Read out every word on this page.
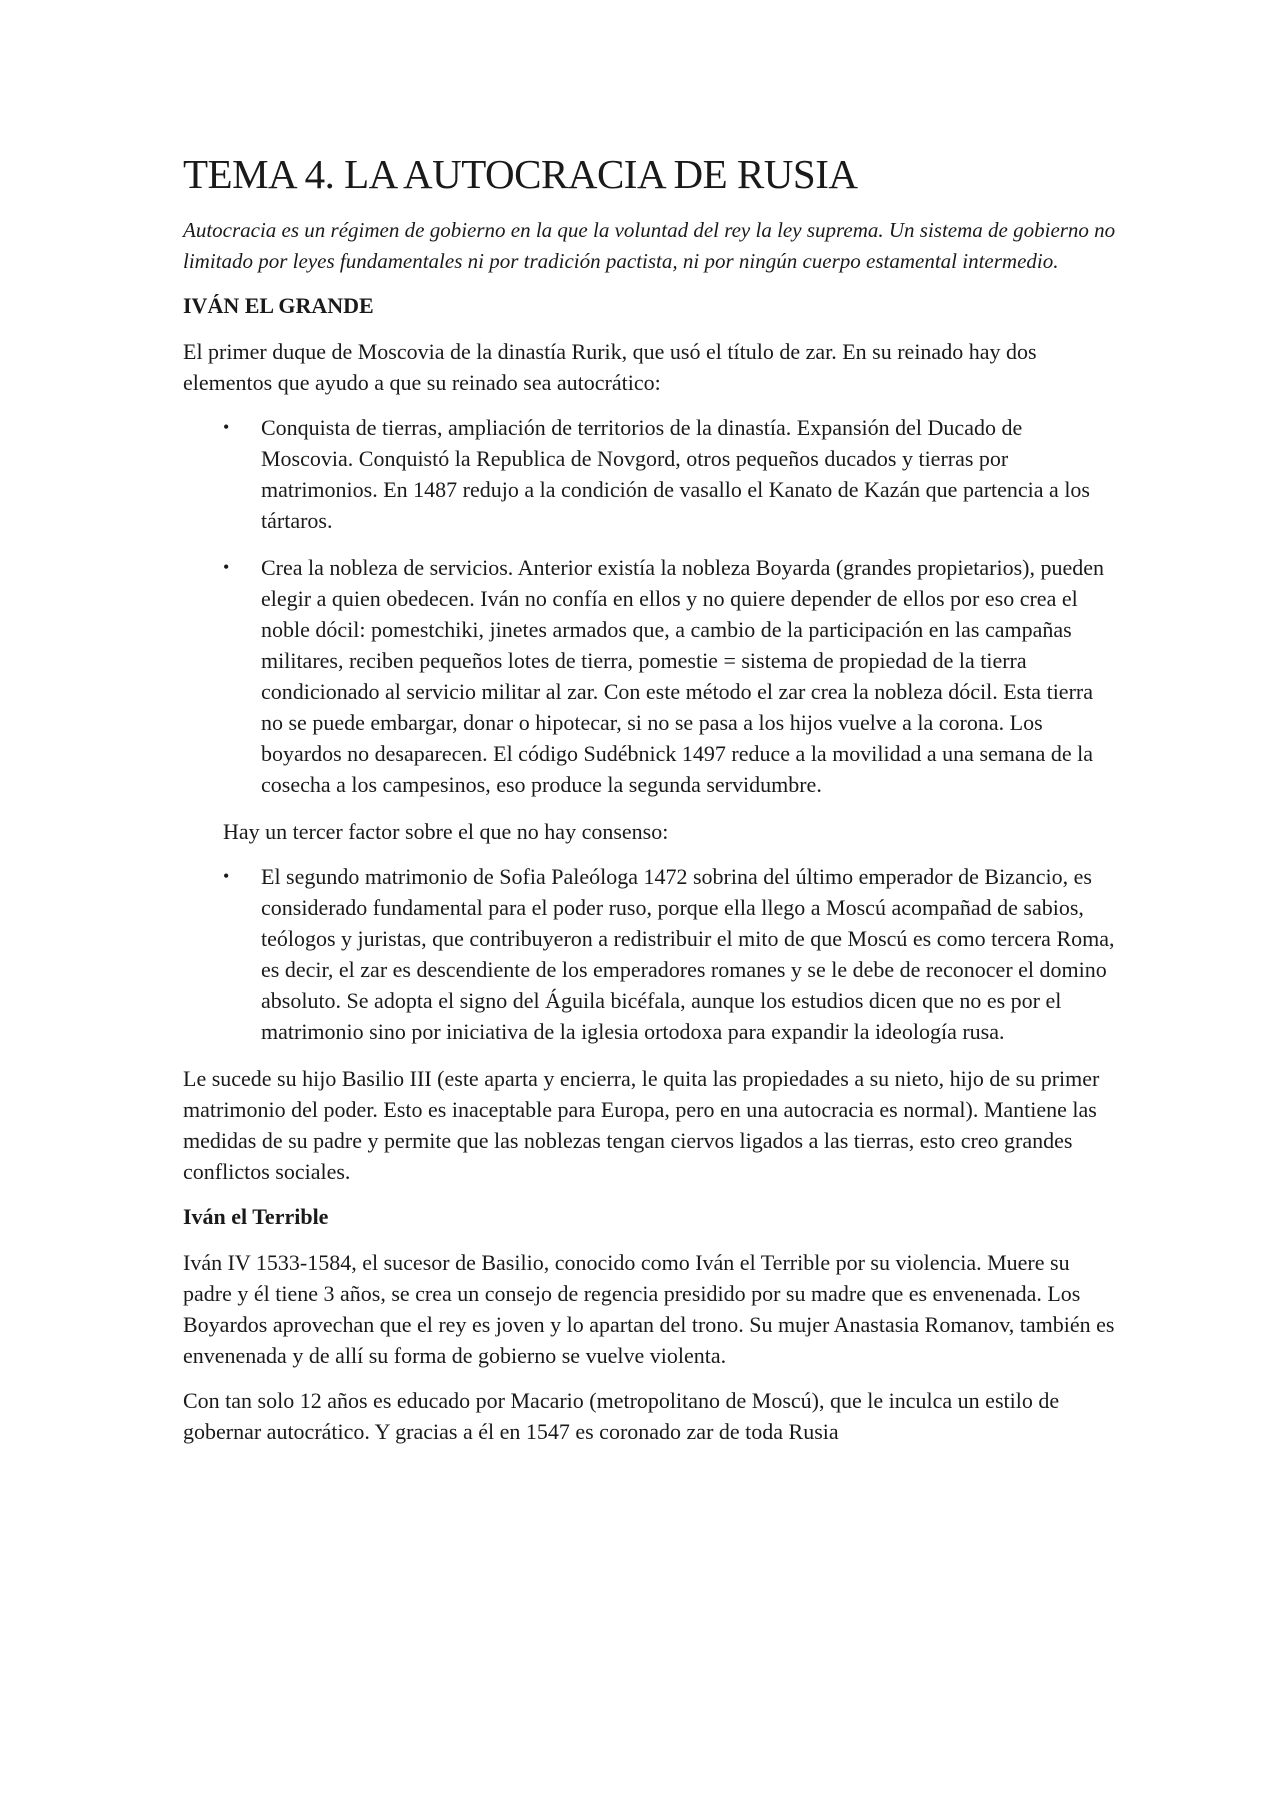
TEMA 4. LA AUTOCRACIA DE RUSIA

Autocracia es un régimen de gobierno en la que la voluntad del rey la ley suprema. Un sistema de gobierno no limitado por leyes fundamentales ni por tradición pactista, ni por ningún cuerpo estamental intermedio.

IVÁN EL GRANDE

El primer duque de Moscovia de la dinastía Rurik, que usó el título de zar. En su reinado hay dos elementos que ayudo a que su reinado sea autocrático:

• Conquista de tierras, ampliación de territorios de la dinastía. Expansión del Ducado de Moscovia. Conquistó la Republica de Novgord, otros pequeños ducados y tierras por matrimonios. En 1487 redujo a la condición de vasallo el Kanato de Kazán que partencia a los tártaros.
• Crea la nobleza de servicios. Anterior existía la nobleza Boyarda (grandes propietarios), pueden elegir a quien obedecen. Iván no confía en ellos y no quiere depender de ellos por eso crea el noble dócil: pomestchiki, jinetes armados que, a cambio de la participación en las campañas militares, reciben pequeños lotes de tierra, pomestie = sistema de propiedad de la tierra condicionado al servicio militar al zar. Con este método el zar crea la nobleza dócil. Esta tierra no se puede embargar, donar o hipotecar, si no se pasa a los hijos vuelve a la corona. Los boyardos no desaparecen. El código Sudébnick 1497 reduce a la movilidad a una semana de la cosecha a los campesinos, eso produce la segunda servidumbre.

Hay un tercer factor sobre el que no hay consenso:

• El segundo matrimonio de Sofia Paleóloga 1472 sobrina del último emperador de Bizancio, es considerado fundamental para el poder ruso, porque ella llego a Moscú acompañad de sabios, teólogos y juristas, que contribuyeron a redistribuir el mito de que Moscú es como tercera Roma, es decir, el zar es descendiente de los emperadores romanes y se le debe de reconocer el domino absoluto. Se adopta el signo del Águila bicéfala, aunque los estudios dicen que no es por el matrimonio sino por iniciativa de la iglesia ortodoxa para expandir la ideología rusa.

Le sucede su hijo Basilio III (este aparta y encierra, le quita las propiedades a su nieto, hijo de su primer matrimonio del poder. Esto es inaceptable para Europa, pero en una autocracia es normal). Mantiene las medidas de su padre y permite que las noblezas tengan ciervos ligados a las tierras, esto creo grandes conflictos sociales.

Iván el Terrible

Iván IV 1533-1584, el sucesor de Basilio, conocido como Iván el Terrible por su violencia. Muere su padre y él tiene 3 años, se crea un consejo de regencia presidido por su madre que es envenenada. Los Boyardos aprovechan que el rey es joven y lo apartan del trono. Su mujer Anastasia Romanov, también es envenenada y de allí su forma de gobierno se vuelve violenta.

Con tan solo 12 años es educado por Macario (metropolitano de Moscú), que le inculca un estilo de gobernar autocrático. Y gracias a él en 1547 es coronado zar de toda Rusia
